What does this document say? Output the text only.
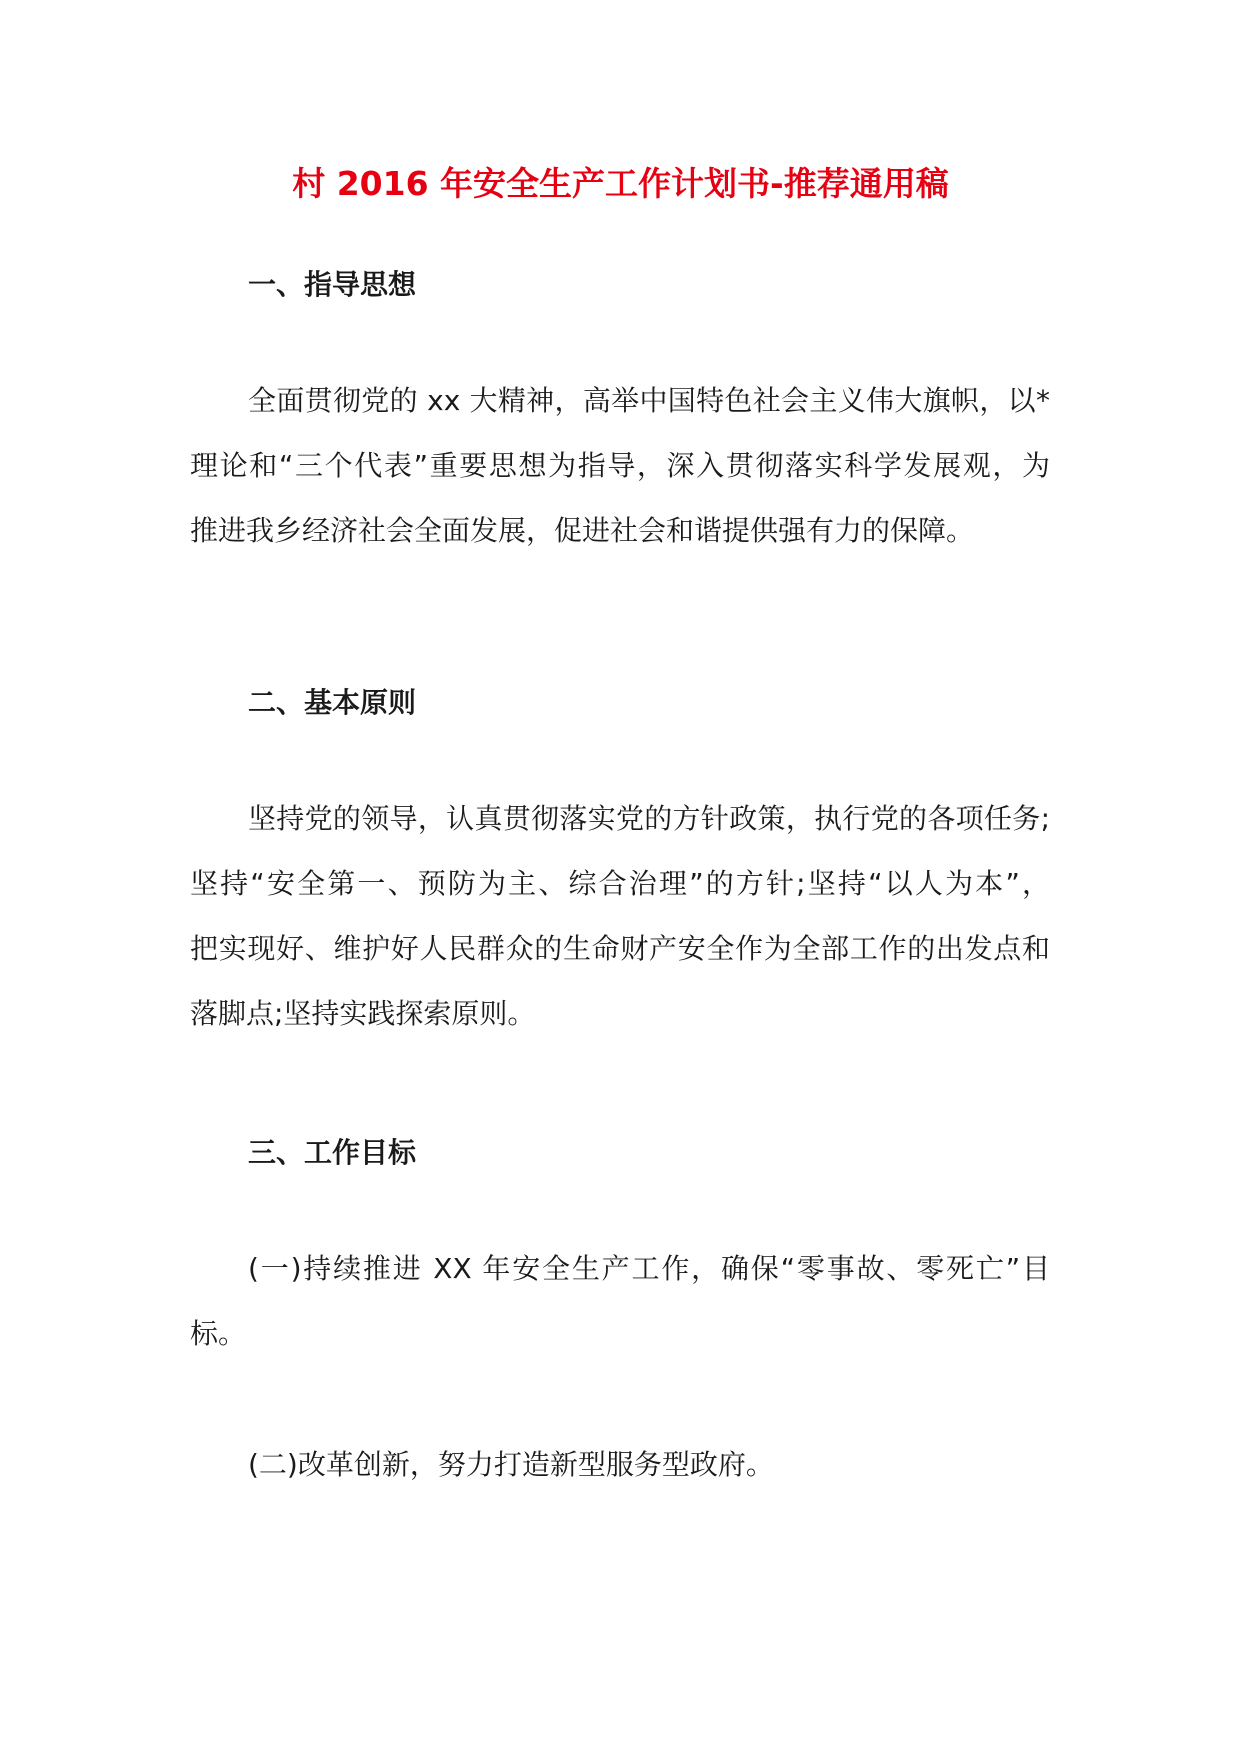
村 2016 年安全生产工作计划书-推荐通用稿
一、指导思想
全面贯彻党的 xx 大精神，高举中国特色社会主义伟大旗帜，以*
理论和“三个代表”重要思想为指导，深入贯彻落实科学发展观，为
推进我乡经济社会全面发展，促进社会和谐提供强有力的保障。
二、基本原则
坚持党的领导，认真贯彻落实党的方针政策，执行党的各项任务;
坚持“安全第一、预防为主、综合治理”的方针;坚持“以人为本”，
把实现好、维护好人民群众的生命财产安全作为全部工作的出发点和
落脚点;坚持实践探索原则。
三、工作目标
(一)持续推进 XX 年安全生产工作，确保“零事故、零死亡”目
标。
(二)改革创新，努力打造新型服务型政府。
